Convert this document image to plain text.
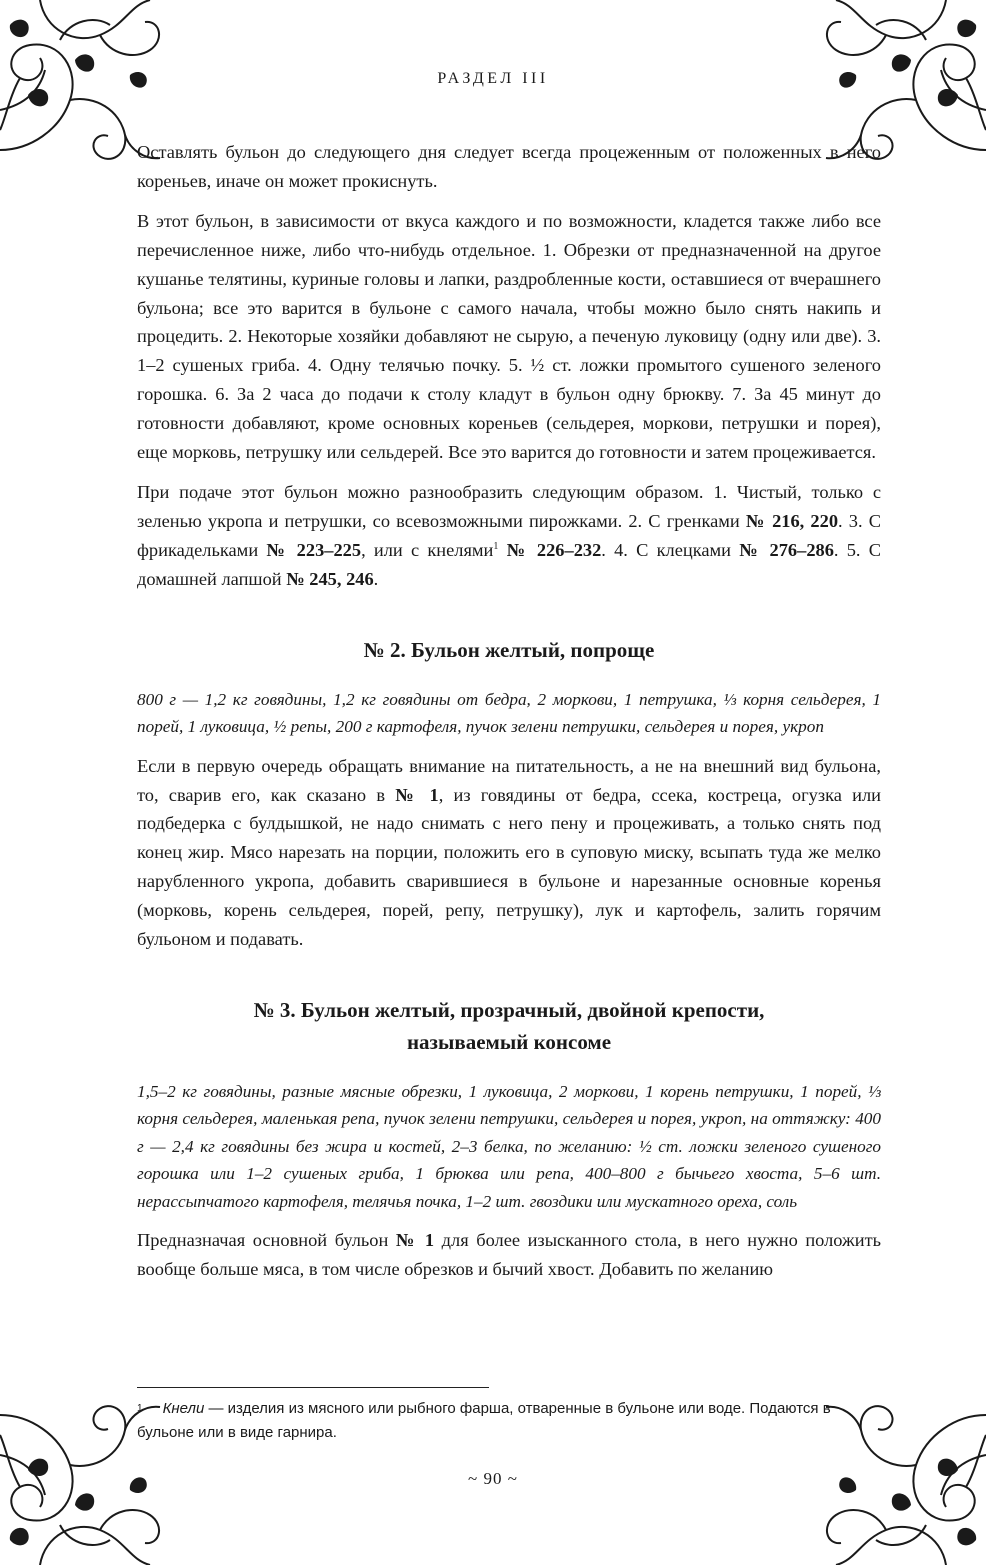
РАЗДЕЛ III

Оставлять бульон до следующего дня следует всегда процеженным от положенных в него кореньев, иначе он может прокиснуть.

В этот бульон, в зависимости от вкуса каждого и по возможности, кладется также либо все перечисленное ниже, либо что-нибудь отдельное. 1. Обрезки от предназначенной на другое кушанье телятины, куриные головы и лапки, раздробленные кости, оставшиеся от вчерашнего бульона; все это варится в бульоне с самого начала, чтобы можно было снять накипь и процедить. 2. Некоторые хозяйки добавляют не сырую, а печеную луковицу (одну или две). 3. 1–2 сушеных гриба. 4. Одну телячью почку. 5. ½ ст. ложки промытого сушеного зеленого горошка. 6. За 2 часа до подачи к столу кладут в бульон одну брюкву. 7. За 45 минут до готовности добавляют, кроме основных кореньев (сельдерея, моркови, петрушки и порея), еще морковь, петрушку или сельдерей. Все это варится до готовности и затем процеживается.

При подаче этот бульон можно разнообразить следующим образом. 1. Чистый, только с зеленью укропа и петрушки, со всевозможными пирожками. 2. С гренками № 216, 220. 3. С фрикадельками № 223–225, или с кнелями$^1$ № 226–232. 4. С клецками № 276–286. 5. С домашней лапшой № 245, 246.

№ 2. Бульон желтый, попроще

800 г — 1,2 кг говядины, 1,2 кг говядины от бедра, 2 моркови, 1 петрушка, ⅓ корня сельдерея, 1 порей, 1 луковица, ½ репы, 200 г картофеля, пучок зелени петрушки, сельдерея и порея, укроп

Если в первую очередь обращать внимание на питательность, а не на внешний вид бульона, то, сварив его, как сказано в № 1, из говядины от бедра, ссека, костреца, огузка или подбедерка с булдышкой, не надо снимать с него пену и процеживать, а только снять под конец жир. Мясо нарезать на порции, положить его в суповую миску, всыпать туда же мелко нарубленного укропа, добавить сварившиеся в бульоне и нарезанные основные коренья (морковь, корень сельдерея, порей, репу, петрушку), лук и картофель, залить горячим бульоном и подавать.

№ 3. Бульон желтый, прозрачный, двойной крепости,
называемый консоме

1,5–2 кг говядины, разные мясные обрезки, 1 луковица, 2 моркови, 1 корень петрушки, 1 порей, ⅓ корня сельдерея, маленькая репа, пучок зелени петрушки, сельдерея и порея, укроп, на оттяжку: 400 г — 2,4 кг говядины без жира и костей, 2–3 белка, по желанию: ½ ст. ложки зеленого сушеного горошка или 1–2 сушеных гриба, 1 брюква или репа, 400–800 г бычьего хвоста, 5–6 шт. нерассыпчатого картофеля, телячья почка, 1–2 шт. гвоздики или мускатного ореха, соль

Предназначая основной бульон № 1 для более изысканного стола, в него нужно положить вообще больше мяса, в том числе обрезков и бычий хвост. Добавить по желанию

$^1$ Кнели — изделия из мясного или рыбного фарша, отваренные в бульоне или воде. Подаются в бульоне или в виде гарнира.
~ 90 ~
